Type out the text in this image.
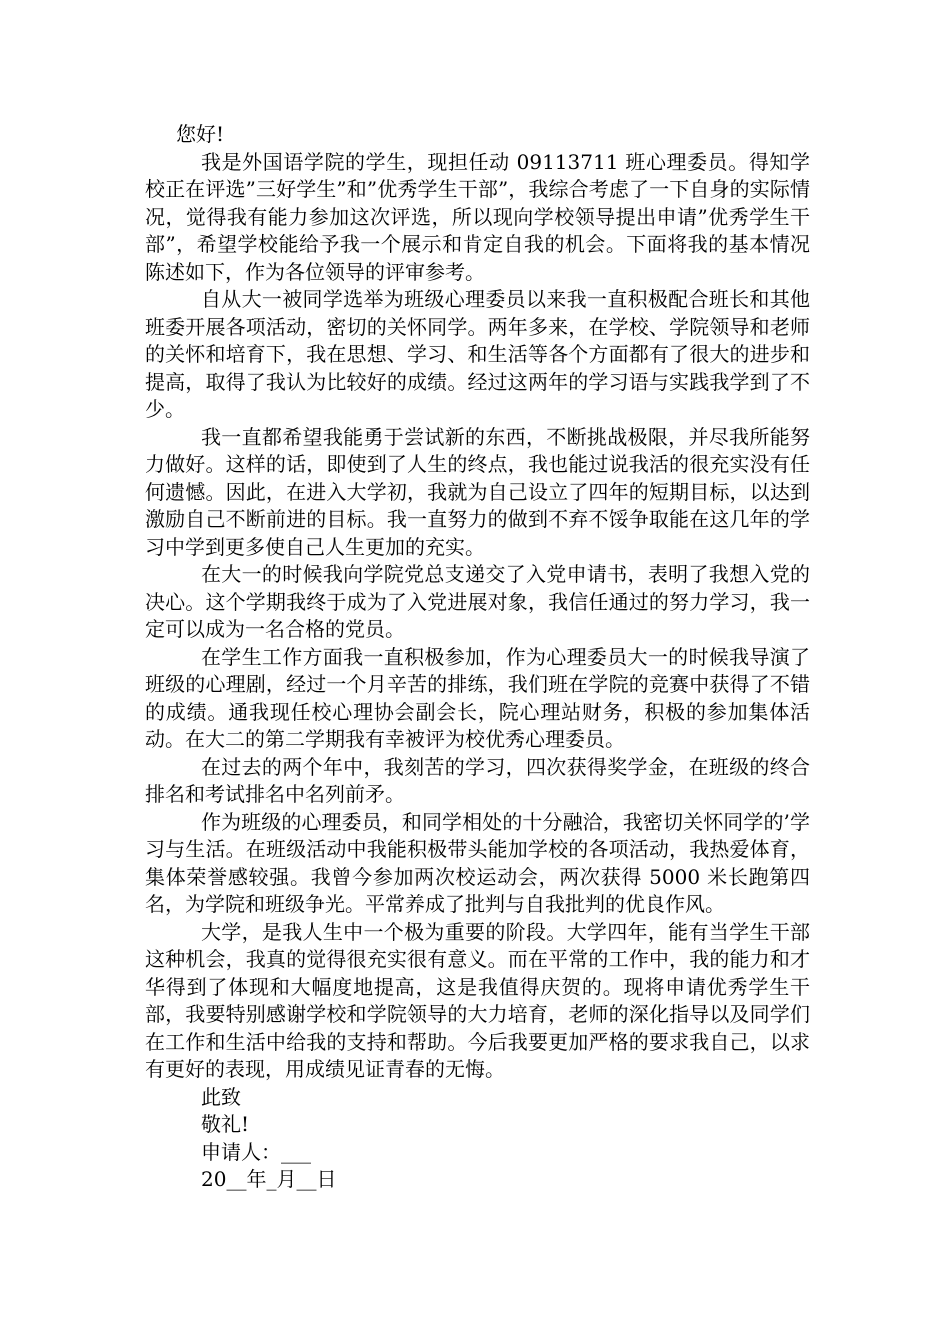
您好!

我是外国语学院的学生，现担任动 09113711 班心理委员。得知学校正在评选”三好学生”和”优秀学生干部”，我综合考虑了一下自身的实际情况，觉得我有能力参加这次评选，所以现向学校领导提出申请”优秀学生干部”，希望学校能给予我一个展示和肯定自我的机会。下面将我的基本情况陈述如下，作为各位领导的评审参考。

自从大一被同学选举为班级心理委员以来我一直积极配合班长和其他班委开展各项活动，密切的关怀同学。两年多来，在学校、学院领导和老师的关怀和培育下，我在思想、学习、和生活等各个方面都有了很大的进步和提高，取得了我认为比较好的成绩。经过这两年的学习语与实践我学到了不少。

我一直都希望我能勇于尝试新的东西，不断挑战极限，并尽我所能努力做好。这样的话，即使到了人生的终点，我也能过说我活的很充实没有任何遗憾。因此，在进入大学初，我就为自己设立了四年的短期目标，以达到激励自己不断前进的目标。我一直努力的做到不弃不馁争取能在这几年的学习中学到更多使自己人生更加的充实。

在大一的时候我向学院党总支递交了入党申请书，表明了我想入党的决心。这个学期我终于成为了入党进展对象，我信任通过的努力学习，我一定可以成为一名合格的党员。

在学生工作方面我一直积极参加，作为心理委员大一的时候我导演了班级的心理剧，经过一个月辛苦的排练，我们班在学院的竞赛中获得了不错的成绩。通我现任校心理协会副会长，院心理站财务，积极的参加集体活动。在大二的第二学期我有幸被评为校优秀心理委员。

在过去的两个年中，我刻苦的学习，四次获得奖学金，在班级的终合排名和考试排名中名列前矛。

作为班级的心理委员，和同学相处的十分融洽，我密切关怀同学的’学习与生活。在班级活动中我能积极带头能加学校的各项活动，我热爱体育，集体荣誉感较强。我曾今参加两次校运动会，两次获得 5000 米长跑第四名，为学院和班级争光。平常养成了批判与自我批判的优良作风。

大学，是我人生中一个极为重要的阶段。大学四年，能有当学生干部这种机会，我真的觉得很充实很有意义。而在平常的工作中，我的能力和才华得到了体现和大幅度地提高，这是我值得庆贺的。现将申请优秀学生干部，我要特别感谢学校和学院领导的大力培育，老师的深化指导以及同学们在工作和生活中给我的支持和帮助。今后我要更加严格的要求我自己，以求有更好的表现，用成绩见证青春的无悔。

此致

敬礼!

申请人：___

20__年_月__日
